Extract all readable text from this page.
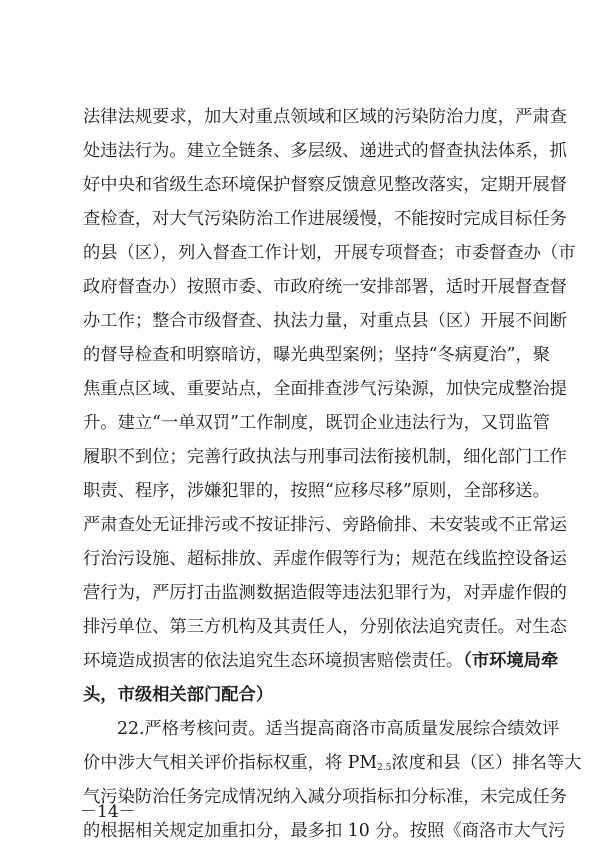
法律法规要求，加大对重点领域和区域的污染防治力度，严肃查
处违法行为。建立全链条、多层级、递进式的督查执法体系，抓
好中央和省级生态环境保护督察反馈意见整改落实，定期开展督
查检查，对大气污染防治工作进展缓慢，不能按时完成目标任务
的县（区），列入督查工作计划，开展专项督查；市委督查办（市
政府督查办）按照市委、市政府统一安排部署，适时开展督查督
办工作；整合市级督查、执法力量，对重点县（区）开展不间断
的督导检查和明察暗访，曝光典型案例；坚持“冬病夏治”，聚
焦重点区域、重要站点，全面排查涉气污染源，加快完成整治提
升。建立“一单双罚”工作制度，既罚企业违法行为，又罚监管
履职不到位；完善行政执法与刑事司法衔接机制，细化部门工作
职责、程序，涉嫌犯罪的，按照“应移尽移”原则，全部移送。
严肃查处无证排污或不按证排污、旁路偷排、未安装或不正常运
行治污设施、超标排放、弄虚作假等行为；规范在线监控设备运
营行为，严厉打击监测数据造假等违法犯罪行为，对弄虚作假的
排污单位、第三方机构及其责任人，分别依法追究责任。对生态
环境造成损害的依法追究生态环境损害赔偿责任。（市环境局牵
头，市级相关部门配合）
22.严格考核问责。适当提高商洛市高质量发展综合绩效评
价中涉大气相关评价指标权重，将 $PM_{2.5}$浓度和县（区）排名等大
气污染防治任务完成情况纳入减分项指标扣分标准，未完成任务
的根据相关规定加重扣分，最多扣 10 分。按照《商洛市大气污
－14－
